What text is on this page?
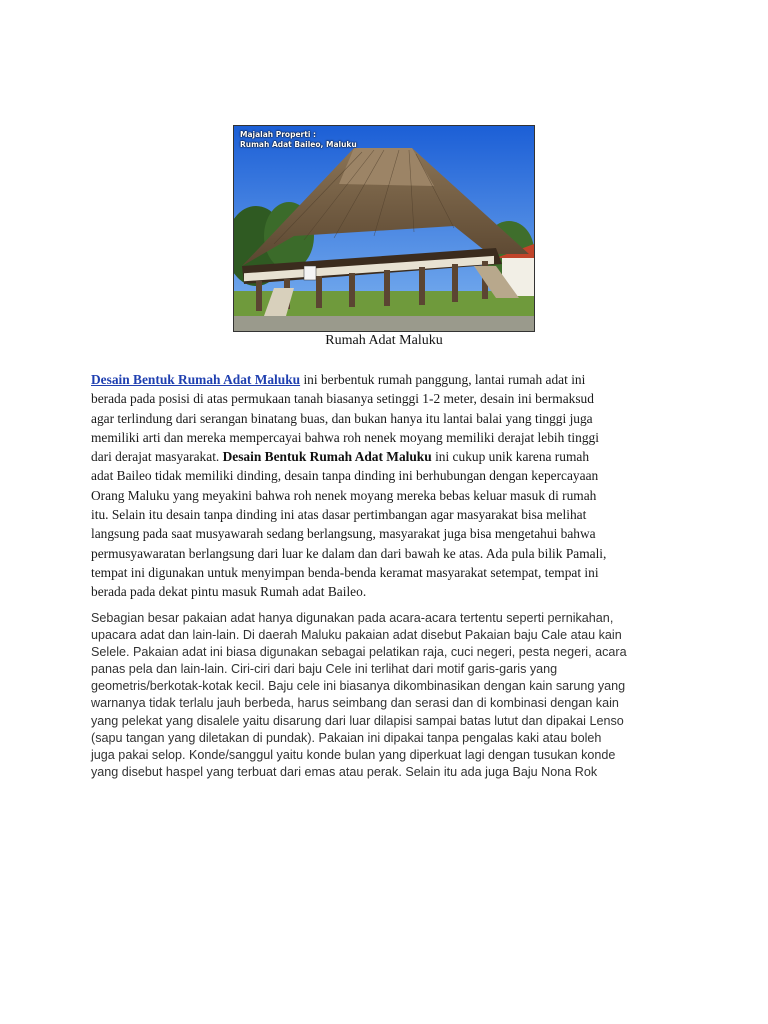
Majalah Properti :
Rumah Adat Baileo, Maluku
Rumah Adat Maluku
Desain Bentuk Rumah Adat Maluku ini berbentuk rumah panggung, lantai rumah adat ini
berada pada posisi di atas permukaan tanah biasanya setinggi 1-2 meter, desain ini bermaksud
agar terlindung dari serangan binatang buas, dan bukan hanya itu lantai balai yang tinggi juga
memiliki arti dan mereka mempercayai bahwa roh nenek moyang memiliki derajat lebih tinggi
dari derajat masyarakat. Desain Bentuk Rumah Adat Maluku ini cukup unik karena rumah
adat Baileo tidak memiliki dinding, desain tanpa dinding ini berhubungan dengan kepercayaan
Orang Maluku yang meyakini bahwa roh nenek moyang mereka bebas keluar masuk di rumah
itu. Selain itu desain tanpa dinding ini atas dasar pertimbangan agar masyarakat bisa melihat
langsung pada saat musyawarah sedang berlangsung, masyarakat juga bisa mengetahui bahwa
permusyawaratan berlangsung dari luar ke dalam dan dari bawah ke atas. Ada pula bilik Pamali,
tempat ini digunakan untuk menyimpan benda-benda keramat masyarakat setempat, tempat ini
berada pada dekat pintu masuk Rumah adat Baileo.
Sebagian besar pakaian adat hanya digunakan pada acara-acara tertentu seperti pernikahan,
upacara adat dan lain-lain. Di daerah Maluku pakaian adat disebut Pakaian baju Cale atau kain
Selele. Pakaian adat ini biasa digunakan sebagai pelatikan raja, cuci negeri, pesta negeri, acara
panas pela dan lain-lain. Ciri-ciri dari baju Cele ini terlihat dari motif garis-garis yang
geometris/berkotak-kotak kecil. Baju cele ini biasanya dikombinasikan dengan kain sarung yang
warnanya tidak terlalu jauh berbeda, harus seimbang dan serasi dan di kombinasi dengan kain
yang pelekat yang disalele yaitu disarung dari luar dilapisi sampai batas lutut dan dipakai Lenso
(sapu tangan yang diletakan di pundak). Pakaian ini dipakai tanpa pengalas kaki atau boleh
juga pakai selop. Konde/sanggul yaitu konde bulan yang diperkuat lagi dengan tusukan konde
yang disebut haspel yang terbuat dari emas atau perak. Selain itu ada juga Baju Nona Rok
